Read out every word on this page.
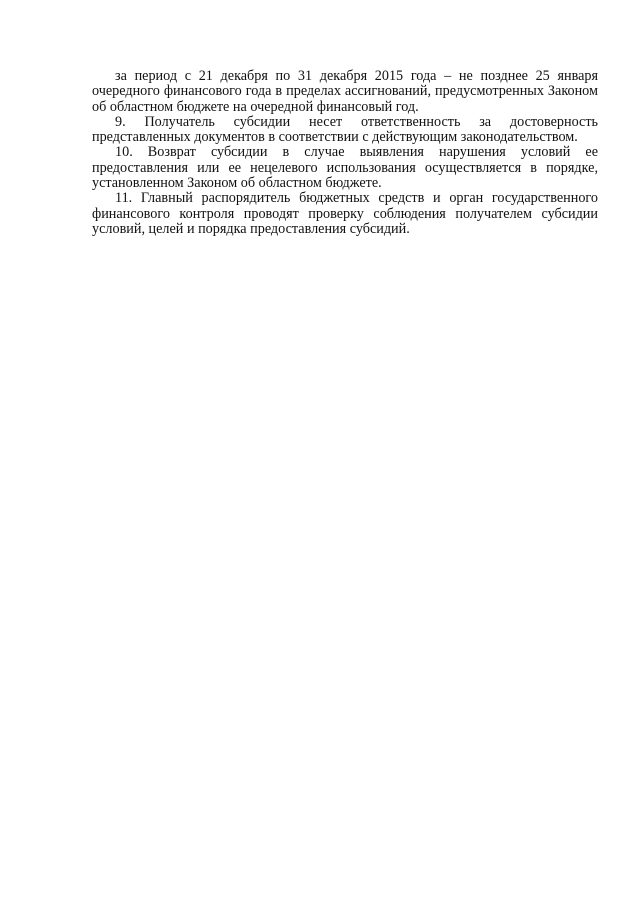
за период с 21 декабря по 31 декабря 2015 года – не позднее 25 января очередного финансового года в пределах ассигнований, предусмотренных Законом об областном бюджете на очередной финансовый год.

9. Получатель субсидии несет ответственность за достоверность представленных документов в соответствии с действующим законодательством.

10. Возврат субсидии в случае выявления нарушения условий ее предоставления или ее нецелевого использования осуществляется в порядке, установленном Законом об областном бюджете.

11. Главный распорядитель бюджетных средств и орган государственного финансового контроля проводят проверку соблюдения получателем субсидии условий, целей и порядка предоставления субсидий.
